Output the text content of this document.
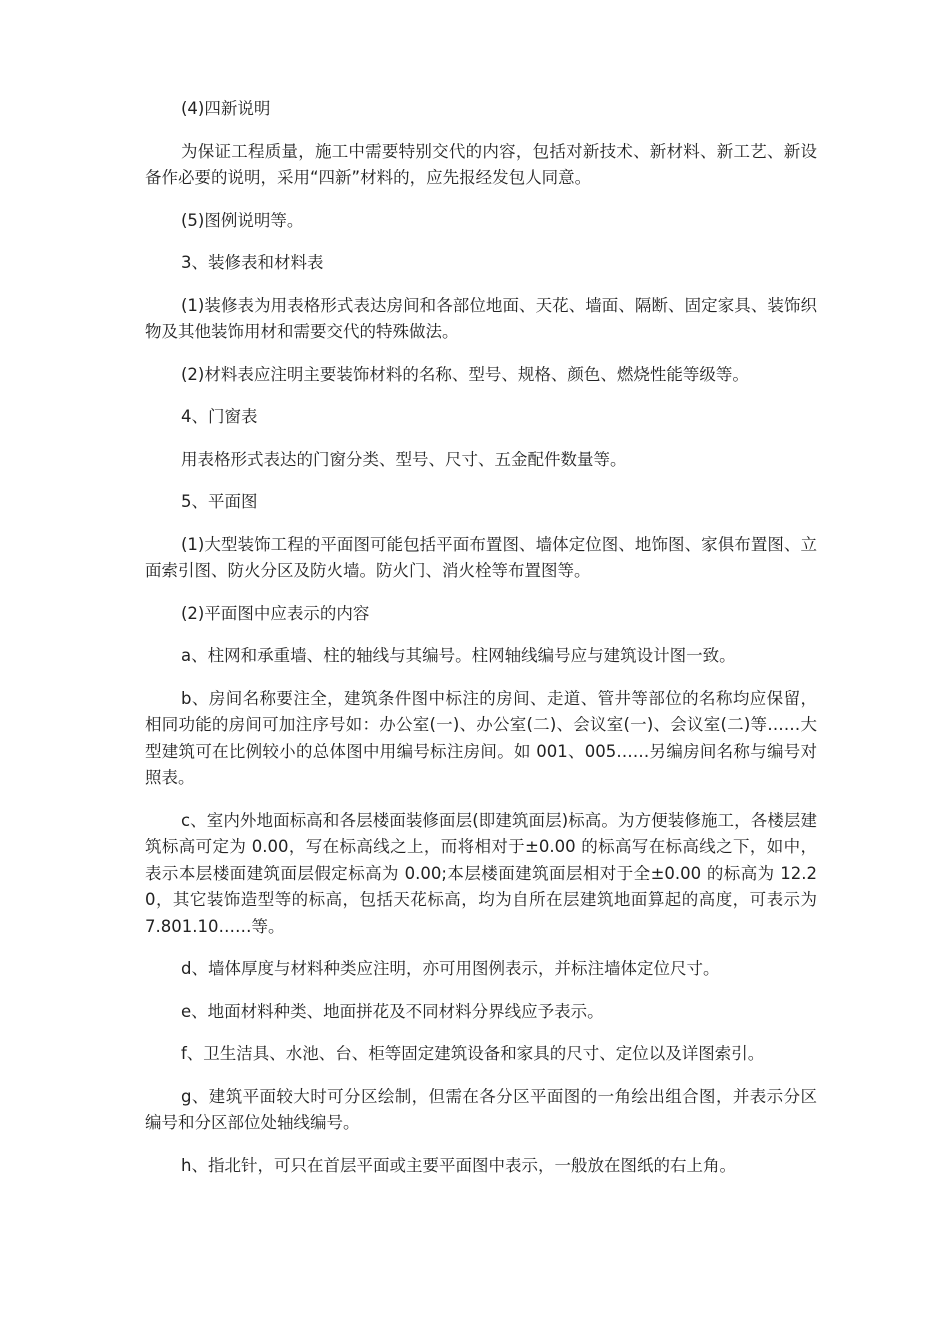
(4)四新说明

为保证工程质量，施工中需要特别交代的内容，包括对新技术、新材料、新工艺、新设备作必要的说明，采用“四新”材料的，应先报经发包人同意。

(5)图例说明等。

3、装修表和材料表

(1)装修表为用表格形式表达房间和各部位地面、天花、墙面、隔断、固定家具、装饰织物及其他装饰用材和需要交代的特殊做法。

(2)材料表应注明主要装饰材料的名称、型号、规格、颜色、燃烧性能等级等。

4、门窗表

用表格形式表达的门窗分类、型号、尺寸、五金配件数量等。

5、平面图

(1)大型装饰工程的平面图可能包括平面布置图、墙体定位图、地饰图、家俱布置图、立面索引图、防火分区及防火墙。防火门、消火栓等布置图等。

(2)平面图中应表示的内容

a、柱网和承重墙、柱的轴线与其编号。柱网轴线编号应与建筑设计图一致。

b、房间名称要注全，建筑条件图中标注的房间、走道、管井等部位的名称均应保留，相同功能的房间可加注序号如：办公室(一)、办公室(二)、会议室(一)、会议室(二)等……大型建筑可在比例较小的总体图中用编号标注房间。如 001、005……另编房间名称与编号对照表。

c、室内外地面标高和各层楼面装修面层(即建筑面层)标高。为方便装修施工，各楼层建筑标高可定为 0.00，写在标高线之上，而将相对于±0.00 的标高写在标高线之下，如中，表示本层楼面建筑面层假定标高为 0.00;本层楼面建筑面层相对于全±0.00 的标高为 12.20，其它装饰造型等的标高，包括天花标高，均为自所在层建筑地面算起的高度，可表示为 7.801.10……等。

d、墙体厚度与材料种类应注明，亦可用图例表示，并标注墙体定位尺寸。

e、地面材料种类、地面拼花及不同材料分界线应予表示。

f、卫生洁具、水池、台、柜等固定建筑设备和家具的尺寸、定位以及详图索引。

g、建筑平面较大时可分区绘制，但需在各分区平面图的一角绘出组合图，并表示分区编号和分区部位处轴线编号。

h、指北针，可只在首层平面或主要平面图中表示，一般放在图纸的右上角。
